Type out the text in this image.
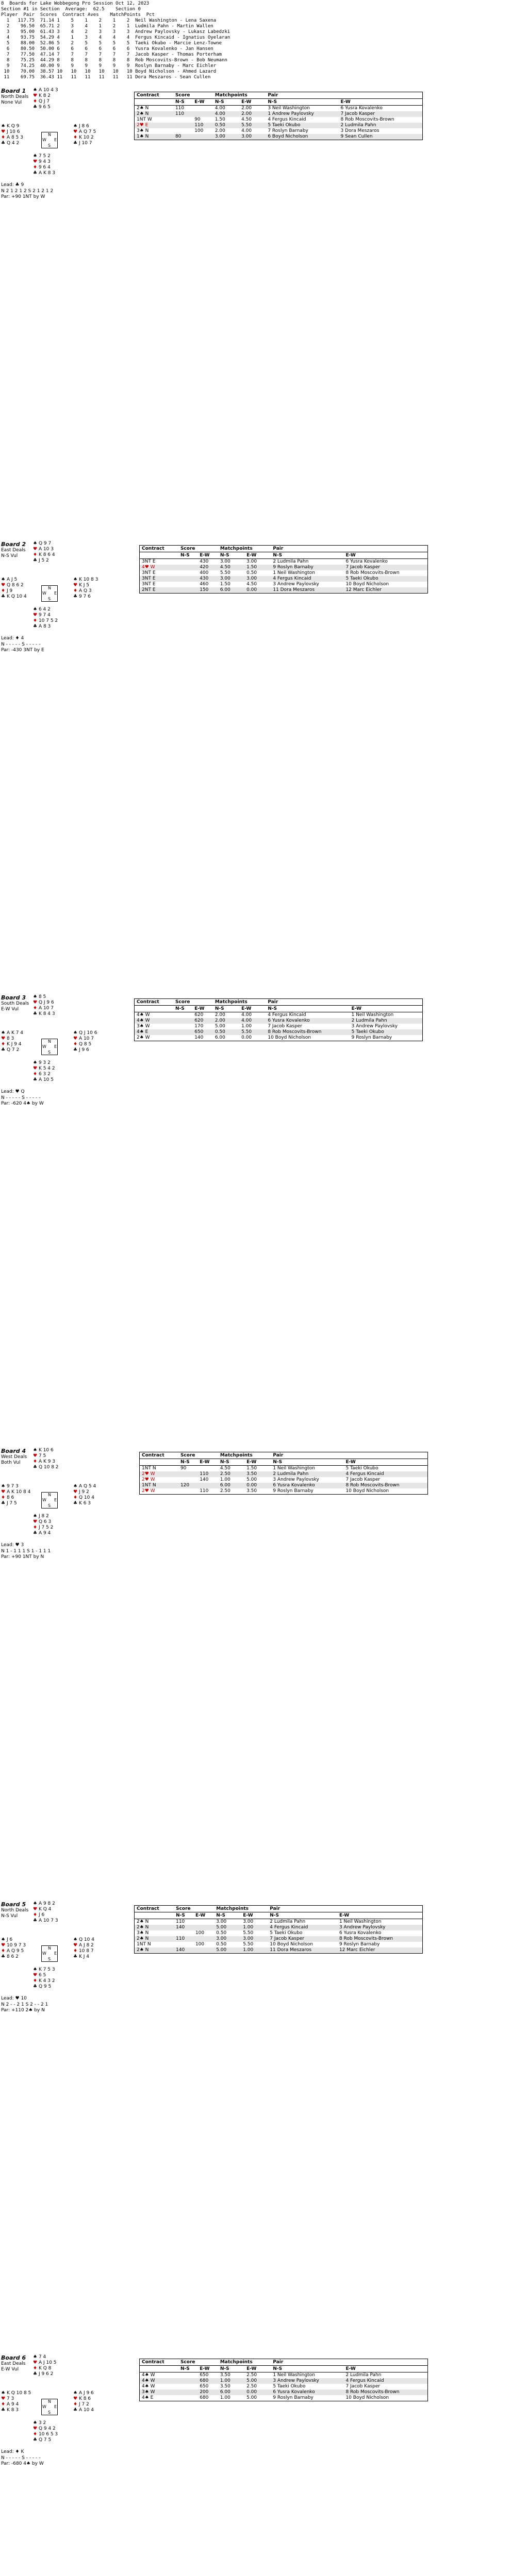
8  Boards for Lake Wobbegong Pro Session Oct 12, 2023
Section #1 in Section  Average:  62.5    Section 0
Player  Pair  Scores  Contract Aves    MatchPoints  Pct
1   117.75  71.14 1    5    1    2    1    2  Neil Washington - Lena Saxena
2    96.50  65.71 2    3    4    1    2    1  Ludmila Pahn - Martin Wallen
3    95.00  61.43 3    4    2    3    3    3  Andrew Paylovsky - Lukasz Labedzki
4    93.75  54.29 4    1    3    4    4    4  Fergus Kincaid - Ignatius Oyelaran
5    88.00  52.86 5    2    5    5    5    5  Taeki Okubo - Marcie Lenz-Towne
6    80.50  50.00 6    6    6    6    6    6  Yusra Kovalenko - Jan Hansen
7    77.50  47.14 7    7    7    7    7    7  Jacob Kasper - Thomas Porterham
8    75.25  44.29 8    8    8    8    8    8  Rob Moscovits-Brown - Bob Neumann
9    74.25  40.00 9    9    9    9    9    9  Roslyn Barnaby - Marc Eichler
10    70.00  38.57 10   10   10   10   10   10 Boyd Nicholson - Ahmed Lazard
11    69.75  36.43 11   11   11   11   11   11 Dora Meszaros - Sean Cullen
Board 1
North Deals
None Vul
♠ A 10 4 3
♥ K 8 2
♦ Q J 7
♣ 9 6 5
♠ K Q 9
♥ J 10 6
♦ A 8 5 3
♣ Q 4 2
♠ J 8 6
♥ A Q 7 5
♦ K 10 2
♣ J 10 7
♠ 7 5 2
♥ 9 4 3
♦ 9 6 4
♣ A K 8 3
N
S
W E
Lead: ♣ 9
N 2 1 2 1 2 S 2 1 2 1 2
Par: +90 1NT by W
Contract	Score		Matchpoints		Pair	
	N-S	E-W	N-S	E-W	N-S	E-W
2♠ N	110		4.00	2.00	3 Neil Washington	6 Yusra Kovalenko
2♠ N	110		4.00	2.00	1 Andrew Paylovsky	7 Jacob Kasper
1NT W		90	1.50	4.50	4 Fergus Kincaid	8 Rob Moscovits-Brown
2♥ E		110	0.50	5.50	5 Taeki Okubo	2 Ludmila Pahn
3♠ N		100	2.00	4.00	7 Roslyn Barnaby	3 Dora Meszaros
1♠ N	80		3.00	3.00	6 Boyd Nicholson	9 Sean Cullen
Board 2
East Deals
N-S Vul
♠ Q 9 7
♥ A 10 3
♦ K 8 6 4
♣ J 5 2
♠ A J 5
♥ Q 8 6 2
♦ J 9
♣ K Q 10 4
♠ K 10 8 3
♥ K J 5
♦ A Q 3
♣ 9 7 6
♠ 6 4 2
♥ 9 7 4
♦ 10 7 5 2
♣ A 8 3
N
S
W E
Lead: ♦ 4
N - - - - - S - - - - -
Par: -430 3NT by E
Contract	Score		Matchpoints		Pair	
	N-S	E-W	N-S	E-W	N-S	E-W
3NT E		430	3.00	3.00	2 Ludmila Pahn	6 Yusra Kovalenko
4♥ W		420	4.50	1.50	9 Roslyn Barnaby	7 Jacob Kasper
3NT E		400	5.50	0.50	1 Neil Washington	8 Rob Moscovits-Brown
3NT E		430	3.00	3.00	4 Fergus Kincaid	5 Taeki Okubo
3NT E		460	1.50	4.50	3 Andrew Paylovsky	10 Boyd Nicholson
2NT E		150	6.00	0.00	11 Dora Meszaros	12 Marc Eichler
Board 3
South Deals
E-W Vul
♠ 8 5
♥ Q J 9 6
♦ A 10 7
♣ K 8 4 3
♠ A K 7 4
♥ 8 3
♦ K J 9 4
♣ Q 7 2
♠ Q J 10 6
♥ A 10 7
♦ Q 8 5
♣ J 9 6
♠ 9 3 2
♥ K 5 4 2
♦ 6 3 2
♣ A 10 5
N
S
W E
Lead: ♥ Q
N - - - - - S - - - - -
Par: -620 4♠ by W
Contract	Score		Matchpoints		Pair	
	N-S	E-W	N-S	E-W	N-S	E-W
4♠ W		620	2.00	4.00	4 Fergus Kincaid	1 Neil Washington
4♠ W		620	2.00	4.00	6 Yusra Kovalenko	2 Ludmila Pahn
3♠ W		170	5.00	1.00	7 Jacob Kasper	3 Andrew Paylovsky
4♠ E		650	0.50	5.50	8 Rob Moscovits-Brown	5 Taeki Okubo
2♠ W		140	6.00	0.00	10 Boyd Nicholson	9 Roslyn Barnaby
Board 4
West Deals
Both Vul
♠ K 10 6
♥ 7 5
♦ A K 9 3
♣ Q 10 8 2
♠ 9 7 3
♥ A K 10 8 4
♦ 8 6
♣ J 7 5
♠ A Q 5 4
♥ J 9 2
♦ Q 10 4
♣ K 6 3
♠ J 8 2
♥ Q 6 3
♦ J 7 5 2
♣ A 9 4
N
S
W E
Lead: ♥ 3
N 1 - 1 1 1 S 1 - 1 1 1
Par: +90 1NT by N
Contract	Score		Matchpoints		Pair	
	N-S	E-W	N-S	E-W	N-S	E-W
1NT N	90		4.50	1.50	1 Neil Washington	5 Taeki Okubo
2♥ W		110	2.50	3.50	2 Ludmila Pahn	4 Fergus Kincaid
2♥ W		140	1.00	5.00	3 Andrew Paylovsky	7 Jacob Kasper
1NT N	120		6.00	0.00	6 Yusra Kovalenko	8 Rob Moscovits-Brown
2♥ W		110	2.50	3.50	9 Roslyn Barnaby	10 Boyd Nicholson
Board 5
North Deals
N-S Vul
♠ A 9 8 2
♥ K Q 4
♦ J 6
♣ A 10 7 3
♠ J 6
♥ 10 9 7 3
♦ A Q 9 5
♣ 8 6 2
♠ Q 10 4
♥ A J 8 2
♦ 10 8 7
♣ K J 4
♠ K 7 5 3
♥ 6 5
♦ K 4 3 2
♣ Q 9 5
N
S
W E
Lead: ♥ 10
N 2 - - 2 1 S 2 - - 2 1
Par: +110 2♠ by N
Contract	Score		Matchpoints		Pair	
	N-S	E-W	N-S	E-W	N-S	E-W
2♠ N	110		3.00	3.00	2 Ludmila Pahn	1 Neil Washington
2♠ N	140		5.00	1.00	4 Fergus Kincaid	3 Andrew Paylovsky
3♠ N		100	0.50	5.50	5 Taeki Okubo	6 Yusra Kovalenko
2♠ N	110		3.00	3.00	7 Jacob Kasper	8 Rob Moscovits-Brown
1NT N		100	0.50	5.50	10 Boyd Nicholson	9 Roslyn Barnaby
2♠ N	140		5.00	1.00	11 Dora Meszaros	12 Marc Eichler
Board 6
East Deals
E-W Vul
♠ 7 4
♥ A J 10 5
♦ K Q 8
♣ J 9 6 2
♠ K Q 10 8 5
♥ 7 3
♦ A 9 4
♣ K 8 3
♠ A J 9 6
♥ K 8 6
♦ J 7 2
♣ A 10 4
♠ 3 2
♥ Q 9 4 2
♦ 10 6 5 3
♣ Q 7 5
N
S
W E
Lead: ♦ K
N - - - - - S - - - - -
Par: -680 4♠ by W
Contract	Score		Matchpoints		Pair	
	N-S	E-W	N-S	E-W	N-S	E-W
4♠ W		650	3.50	2.50	1 Neil Washington	2 Ludmila Pahn
4♠ W		680	1.00	5.00	3 Andrew Paylovsky	4 Fergus Kincaid
4♠ W		650	3.50	2.50	5 Taeki Okubo	7 Jacob Kasper
3♠ W		200	6.00	0.00	6 Yusra Kovalenko	8 Rob Moscovits-Brown
4♠ E		680	1.00	5.00	9 Roslyn Barnaby	10 Boyd Nicholson
